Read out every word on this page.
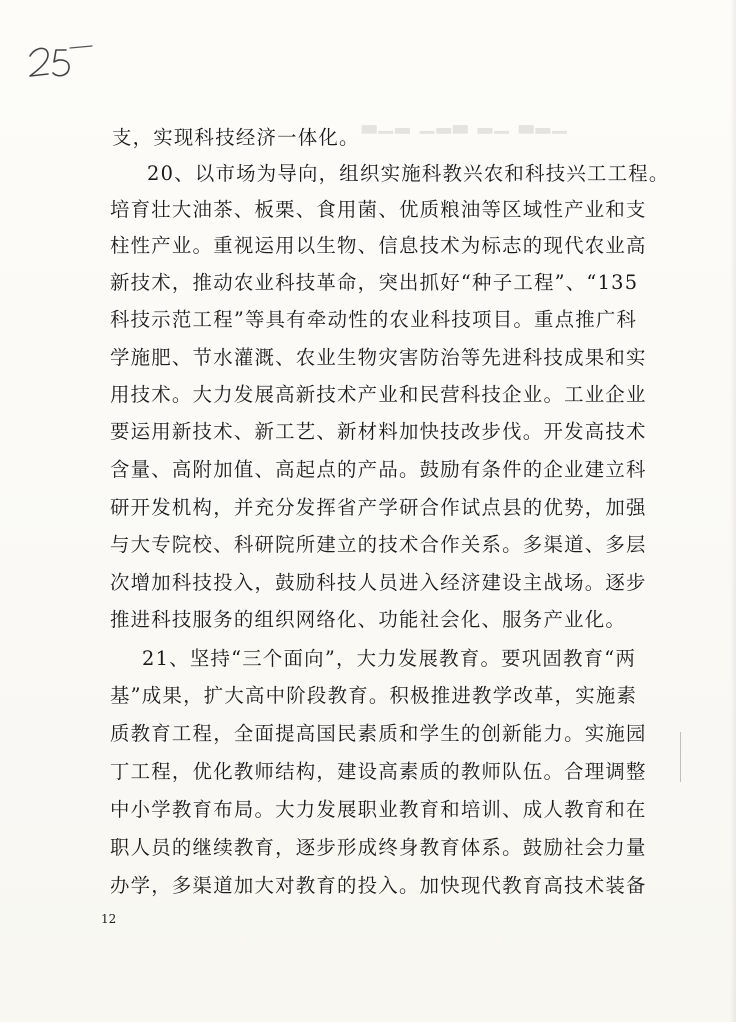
▁▂▃ ▁▂ ▃▂▁ ▂▁▃
支，实现科技经济一体化。
20、以市场为导向，组织实施科教兴农和科技兴工工程。
培育壮大油茶、板栗、食用菌、优质粮油等区域性产业和支
柱性产业。重视运用以生物、信息技术为标志的现代农业高
新技术，推动农业科技革命，突出抓好“种子工程”、“135
科技示范工程”等具有牵动性的农业科技项目。重点推广科
学施肥、节水灌溉、农业生物灾害防治等先进科技成果和实
用技术。大力发展高新技术产业和民营科技企业。工业企业
要运用新技术、新工艺、新材料加快技改步伐。开发高技术
含量、高附加值、高起点的产品。鼓励有条件的企业建立科
研开发机构，并充分发挥省产学研合作试点县的优势，加强
与大专院校、科研院所建立的技术合作关系。多渠道、多层
次增加科技投入，鼓励科技人员进入经济建设主战场。逐步
推进科技服务的组织网络化、功能社会化、服务产业化。
21、坚持“三个面向”，大力发展教育。要巩固教育“两
基”成果，扩大高中阶段教育。积极推进教学改革，实施素
质教育工程，全面提高国民素质和学生的创新能力。实施园
丁工程，优化教师结构，建设高素质的教师队伍。合理调整
中小学教育布局。大力发展职业教育和培训、成人教育和在
职人员的继续教育，逐步形成终身教育体系。鼓励社会力量
办学，多渠道加大对教育的投入。加快现代教育高技术装备
12
